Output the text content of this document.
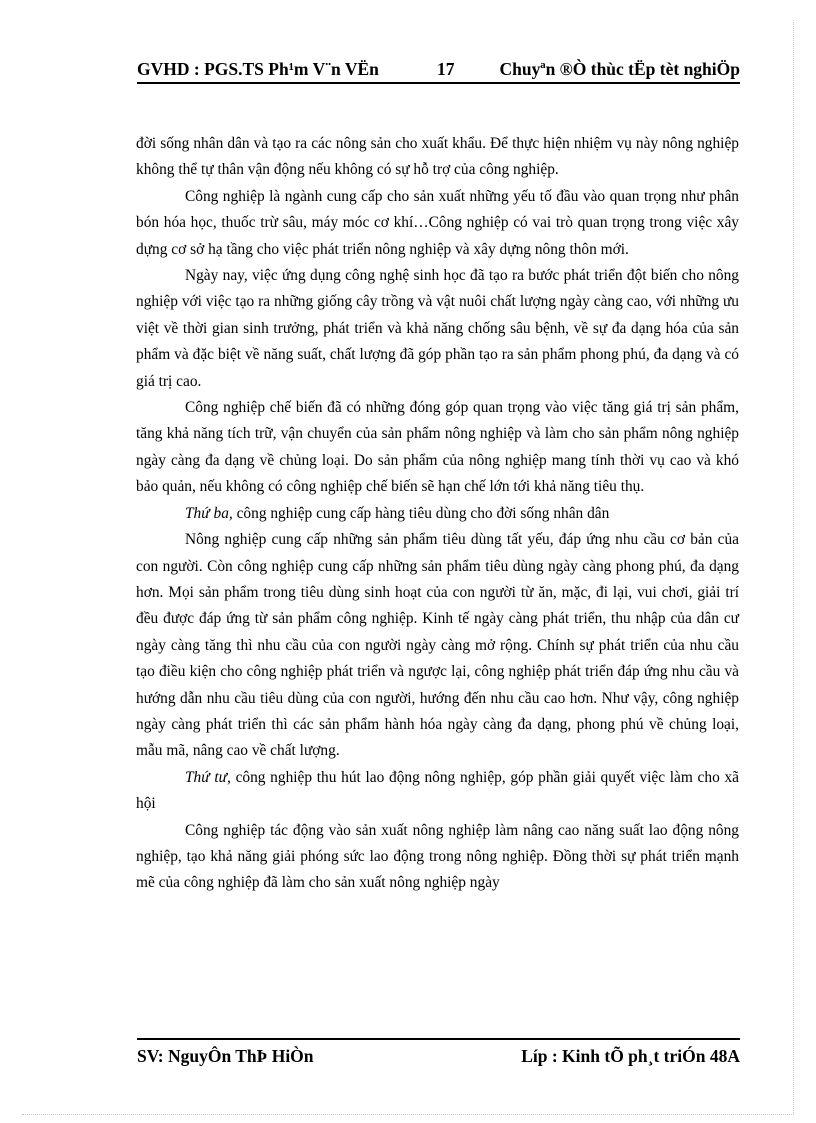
GVHD : PGS.TS Ph¹m V¨n VËn	17	Chuyªn ®Ò thùc tËp tèt nghiÖp

đời sống nhân dân và tạo ra các nông sản cho xuất khẩu. Để thực hiện nhiệm vụ này nông nghiệp không thể tự thân vận động nếu không có sự hỗ trợ của công nghiệp.

Công nghiệp là ngành cung cấp cho sản xuất những yếu tố đầu vào quan trọng như phân bón hóa học, thuốc trừ sâu, máy móc cơ khí…Công nghiệp có vai trò quan trọng trong việc xây dựng cơ sở hạ tầng cho việc phát triển nông nghiệp và xây dựng nông thôn mới.

Ngày nay, việc ứng dụng công nghệ sinh học đã tạo ra bước phát triển đột biến cho nông nghiệp với việc tạo ra những giống cây trồng và vật nuôi chất lượng ngày càng cao, với những ưu việt về thời gian sinh trưởng, phát triển và khả năng chống sâu bệnh, về sự đa dạng hóa của sản phẩm và đặc biệt về năng suất, chất lượng đã góp phần tạo ra sản phẩm phong phú, đa dạng và có giá trị cao.

Công nghiệp chế biến đã có những đóng góp quan trọng vào việc tăng giá trị sản phẩm, tăng khả năng tích trữ, vận chuyển của sản phẩm nông nghiệp và làm cho sản phẩm nông nghiệp ngày càng đa dạng về chủng loại. Do sản phẩm của nông nghiệp mang tính thời vụ cao và khó bảo quản, nếu không có công nghiệp chế biến sẽ hạn chế lớn tới khả năng tiêu thụ.

Thứ ba, công nghiệp cung cấp hàng tiêu dùng cho đời sống nhân dân

Nông nghiệp cung cấp những sản phẩm tiêu dùng tất yếu, đáp ứng nhu cầu cơ bản của con người. Còn công nghiệp cung cấp những sản phẩm tiêu dùng ngày càng phong phú, đa dạng hơn. Mọi sản phẩm trong tiêu dùng sinh hoạt của con người từ ăn, mặc, đi lại, vui chơi, giải trí đều được đáp ứng từ sản phẩm công nghiệp. Kinh tế ngày càng phát triển, thu nhập của dân cư ngày càng tăng thì nhu cầu của con người ngày càng mở rộng. Chính sự phát triển của nhu cầu tạo điều kiện cho công nghiệp phát triển và ngược lại, công nghiệp phát triển đáp ứng nhu cầu và hướng dẫn nhu cầu tiêu dùng của con người, hướng đến nhu cầu cao hơn. Như vậy, công nghiệp ngày càng phát triển thì các sản phẩm hành hóa ngày càng đa dạng, phong phú về chủng loại, mẫu mã, nâng cao về chất lượng.

Thứ tư, công nghiệp thu hút lao động nông nghiệp, góp phần giải quyết việc làm cho xã hội

Công nghiệp tác động vào sản xuất nông nghiệp làm nâng cao năng suất lao động nông nghiệp, tạo khả năng giải phóng sức lao động trong nông nghiệp. Đồng thời sự phát triển mạnh mẽ của công nghiệp đã làm cho sản xuất nông nghiệp ngày

SV: NguyÔn ThÞ HiÒn	Líp : Kinh tÕ ph¸t triÓn 48A
